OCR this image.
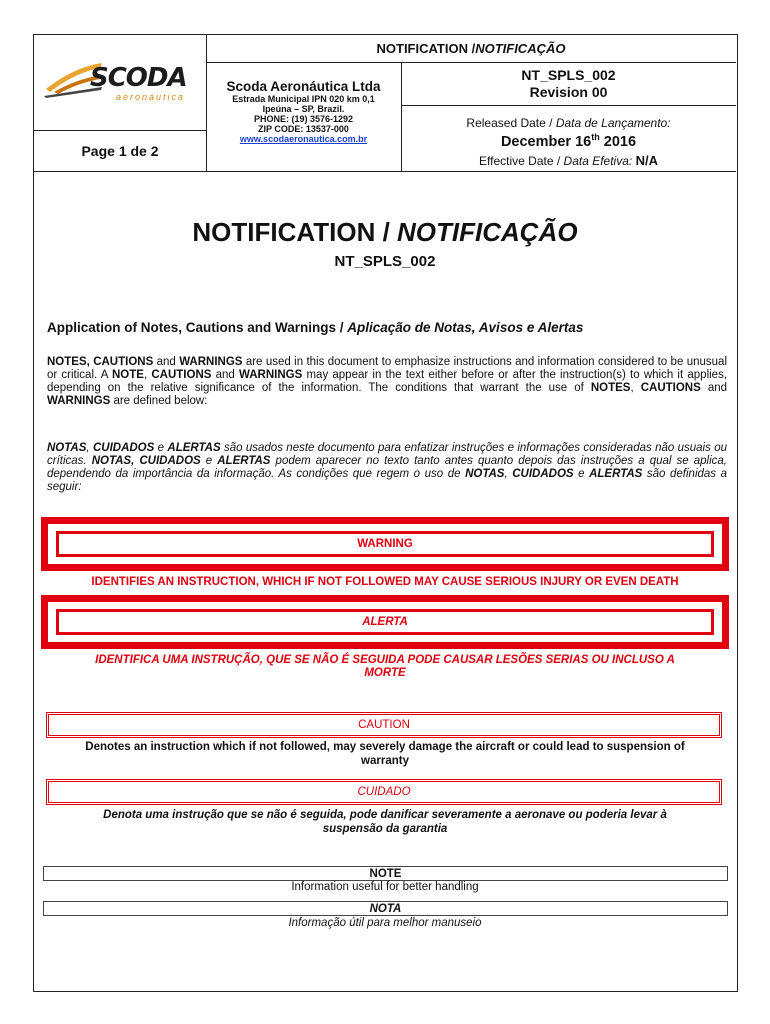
SCODA
aeronáutica
Page 1 de 2
NOTIFICATION / NOTIFICAÇÃO
Scoda Aeronáutica Ltda
Estrada Municipal IPN 020 km 0,1
Ipeúna – SP, Brazil.
PHONE: (19) 3576-1292
ZIP CODE: 13537-000
www.scodaeronautica.com.br
NT_SPLS_002
Revision 00
Released Date / Data de Lançamento:
December 16th 2016
Effective Date / Data Efetiva: N/A
NOTIFICATION / NOTIFICAÇÃO
NT_SPLS_002
Application of Notes, Cautions and Warnings / Aplicação de Notas, Avisos e Alertas
NOTES, CAUTIONS and WARNINGS are used in this document to emphasize instructions and information considered to be unusual or critical. A NOTE, CAUTIONS and WARNINGS may appear in the text either before or after the instruction(s) to which it applies, depending on the relative significance of the information. The conditions that warrant the use of NOTES, CAUTIONS and WARNINGS are defined below:
NOTAS, CUIDADOS e ALERTAS são usados neste documento para enfatizar instruções e informações consideradas não usuais ou críticas. NOTAS, CUIDADOS e ALERTAS podem aparecer no texto tanto antes quanto depois das instruções a qual se aplica, dependendo da importância da informação. As condições que regem o uso de NOTAS, CUIDADOS e ALERTAS são definidas a seguir:
WARNING
IDENTIFIES AN INSTRUCTION, WHICH IF NOT FOLLOWED MAY CAUSE SERIOUS INJURY OR EVEN DEATH
ALERTA
IDENTIFICA UMA INSTRUÇÃO, QUE SE NÃO É SEGUIDA PODE CAUSAR LESÕES SERIAS OU INCLUSO A
MORTE
CAUTION
Denotes an instruction which if not followed, may severely damage the aircraft or could lead to suspension of
warranty
CUIDADO
Denota uma instrução que se não é seguida, pode danificar severamente a aeronave ou poderia levar à
suspensão da garantia
NOTE
Information useful for better handling
NOTA
Informação útil para melhor manuseio
